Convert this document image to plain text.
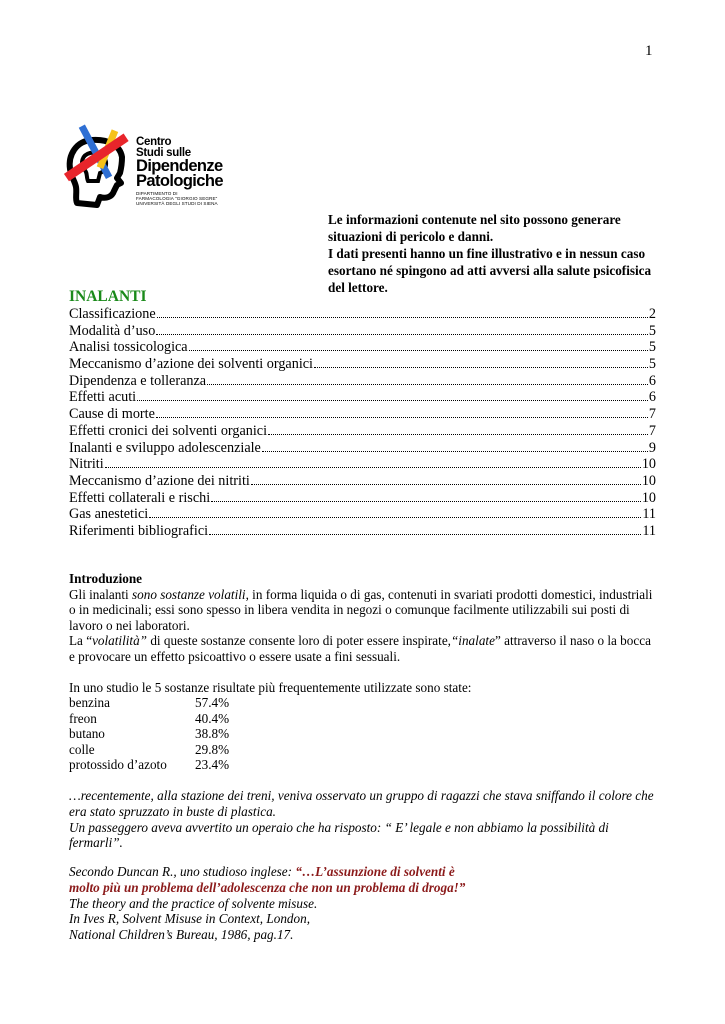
1
Centro
Studi sulle
Dipendenze
Patologiche
DIPARTIMENTO DI
FARMACOLOGIA "GIORGIO SEGRE"
UNIVERSITÀ DEGLI STUDI DI SIENA

Le informazioni contenute nel sito possono generare situazioni di pericolo e danni.

I dati presenti hanno un fine illustrativo e in nessun caso esortano né spingono ad atti avversi alla salute psicofisica del lettore.

INALANTI
Classificazione	2
Modalità d’uso	5
Analisi tossicologica	5
Meccanismo d’azione dei solventi organici	5
Dipendenza e tolleranza	6
Effetti acuti	6
Cause di morte	7
Effetti cronici dei solventi organici	7
Inalanti e sviluppo adolescenziale	9
Nitriti	10
Meccanismo d’azione dei nitriti	10
Effetti collaterali e rischi	10
Gas anestetici	11
Riferimenti bibliografici	11

Introduzione

Gli inalanti sono sostanze volatili, in forma liquida o di gas, contenuti in svariati prodotti domestici, industriali o in medicinali; essi sono spesso in libera vendita in negozi o comunque facilmente utilizzabili sui posti di lavoro o nei laboratori.

La “volatilità” di queste sostanze consente loro di poter essere inspirate,“inalate” attraverso il naso o la bocca e provocare un effetto psicoattivo o essere usate a fini sessuali.

In uno studio le 5 sostanze risultate più frequentemente utilizzate sono state:
benzina	57.4%
freon	40.4%
butano	38.8%
colle	29.8%
protossido d’azoto	23.4%

…recentemente, alla stazione dei treni, veniva osservato un gruppo di ragazzi che stava sniffando il colore che era stato spruzzato in buste di plastica.

Un passeggero aveva avvertito un operaio che ha risposto: “ E’ legale e non abbiamo la possibilità di fermarli”.

Secondo Duncan R., uno studioso inglese: “…L’assunzione di solventi è

molto più un problema dell’adolescenza che non un problema di droga!”

The theory and the practice of solvente misuse.

In Ives R, Solvent Misuse in Context, London,

National Children’s Bureau, 1986, pag.17.
